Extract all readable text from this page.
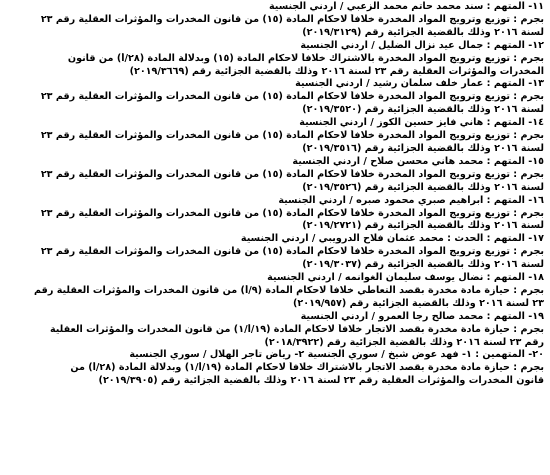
١١- المتهم : سند محمد حاتم محمد الزعبي / اردني الجنسية
بجرم : توزيع وترويج المواد المخدرة خلافاً لاحكام المادة (١٥) من قانون المخدرات والمؤثرات العقلية رقم ٢٣
لسنة ٢٠١٦ وذلك بالقضية الجزائية رقم (٢٠١٩/٣١٢٩)
١٢- المتهم : جمال عيد نزال الضليل / اردني الجنسية
بجرم : توزيع وترويج المواد المخدرة بالاشتراك خلافاً لاحكام المادة (١٥) وبدلالة المادة (٢٨/أ) من قانون
المخدرات والمؤثرات العقلية رقم ٢٣ لسنة ٢٠١٦ وذلك بالقضية الجزائية رقم (٢٠١٩/٣٦٦٩)
١٣- المتهم : عمار خلف سلمان رشيد / اردني الجنسية
بجرم : توزيع وترويج المواد المخدرة خلافاً لاحكام المادة (١٥) من قانون المخدرات والمؤثرات العقلية رقم ٢٣
لسنة ٢٠١٦ وذلك بالقضية الجزائية رقم (٢٠١٩/٣٥٢٠)
١٤- المتهم : هاني فايز حسين الكوز / اردني الجنسية
بجرم : توزيع وترويج المواد المخدرة خلافاً لاحكام المادة (١٥) من قانون المخدرات والمؤثرات العقلية رقم ٢٣
لسنة ٢٠١٦ وذلك بالقضية الجزائية رقم (٢٠١٩/٣٥١٦)
١٥- المتهم : محمد هاني محسن صلاح / اردني الجنسية
بجرم : توزيع وترويج المواد المخدرة خلافاً لاحكام المادة (١٥) من قانون المخدرات والمؤثرات العقلية رقم ٢٣
لسنة ٢٠١٦ وذلك بالقضية الجزائية رقم (٢٠١٩/٣٥٢٦)
١٦- المتهم : ابراهيم صبري محمود صبره / اردني الجنسية
بجرم : توزيع وترويج المواد المخدرة خلافاً لاحكام المادة (١٥) من قانون المخدرات والمؤثرات العقلية رقم ٢٣
لسنة ٢٠١٦ وذلك بالقضية الجزائية رقم (٢٠١٩/٢٧٢١)
١٧- المتهم : الحدث : محمد عثمان فلاح الدرويبي / اردني الجنسية
بجرم : توزيع وترويج المواد المخدرة خلافاً لاحكام المادة (١٥) من قانون المخدرات والمؤثرات العقلية رقم ٢٣
لسنة ٢٠١٦ وذلك بالقضية الجزائية رقم (٢٠١٩/٣٠٣٧)
١٨- المتهم : نضال يوسف سليمان الغوانمه / اردني الجنسية
بجرم : حيازة مادة مخدرة بقصد التعاطي خلافاً لاحكام المادة (٩/أ) من قانون المخدرات والمؤثرات العقلية رقم
٢٣ لسنة ٢٠١٦ وذلك بالقضية الجزائية رقم (٢٠١٩/٩٥٧)
١٩- المتهم : محمد صالح رجا العمرو / اردني الجنسية
بجرم : حيازة مادة مخدرة بقصد الاتجار خلافاً لاحكام المادة (١٩/أ/١) من قانون المخدرات والمؤثرات العقلية
رقم ٢٣ لسنة ٢٠١٦ وذلك بالقضية الجزائية رقم (٢٠١٨/٣٩٢٢)
٢٠- المتهمين : ١- فهد عوض شيخ / سوري الجنسية ٢- رياض تاجر الهلال / سوري الجنسية
بجرم : حيازة مادة مخدرة بقصد الاتجار بالاشتراك خلافاً لاحكام المادة (١٩/أ/١) وبدلالة المادة (٢٨/أ) من
قانون المخدرات والمؤثرات العقلية رقم ٢٣ لسنة ٢٠١٦ وذلك بالقضية الجزائية رقم (٢٠١٩/٣٩٠٥)
